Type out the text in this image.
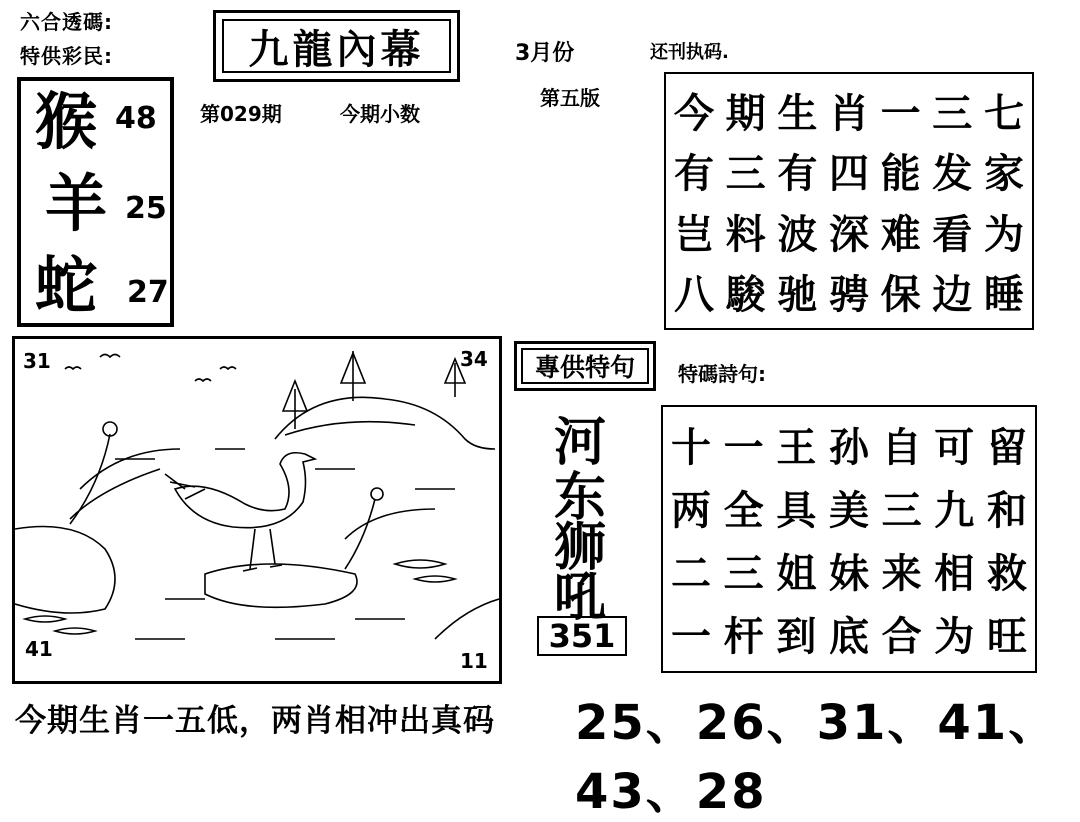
六合透碼:
特供彩民:	九龍內幕	3月份	还刊执码.
第029期	今期小数
第五版
猴 48
羊 25
蛇 27
今 期 生 肖 一 三 七
有 三 有 四 能 发 家
岂 料 波 深 难 看 为
八 駿 驰 骋 保 边 睡
31	34
41	11
專供特句	特碼詩句:
河
东
狮
吼
351
十 一 王 孙 自 可 留
两 全 具 美 三 九 和
二 三 姐 妹 来 相 救
一 杆 到 底 合 为 旺
今期生肖一五低，两肖相冲出真码 25、26、31、41、43、28
